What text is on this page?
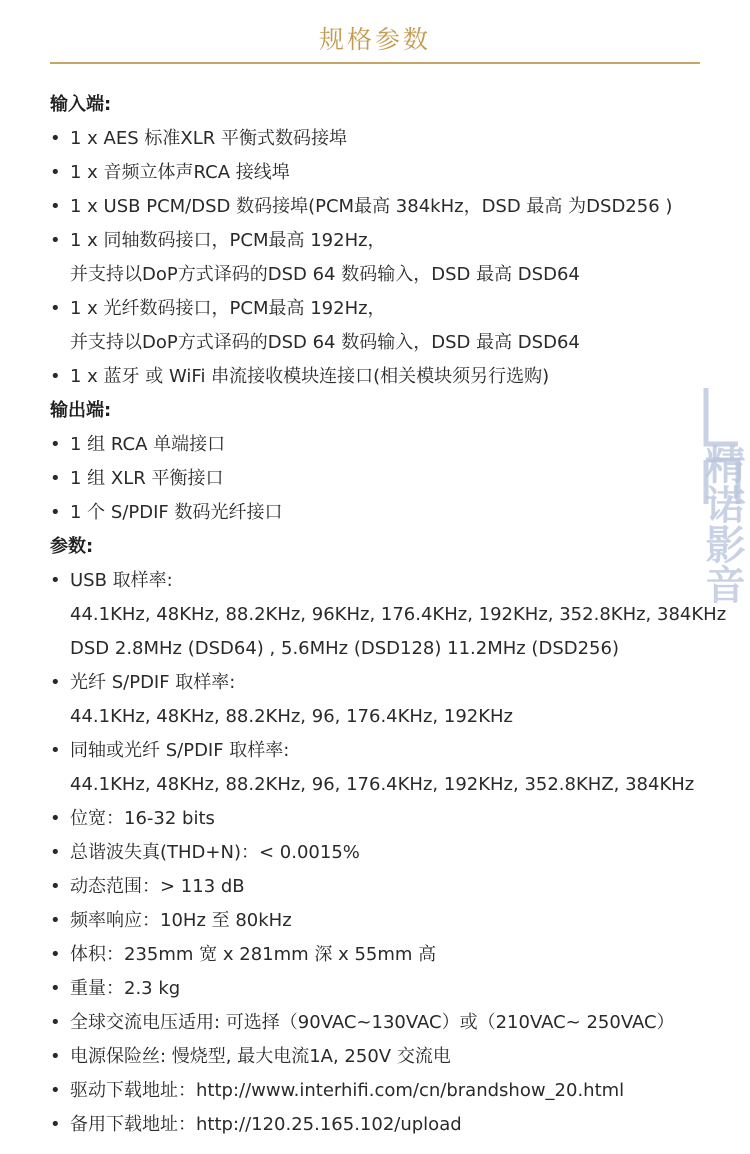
规格参数
输入端:
• 1 x AES 标准XLR 平衡式数码接埠
• 1 x 音频立体声RCA 接线埠
• 1 x USB PCM/DSD 数码接埠(PCM最高 384kHz，DSD 最高 为DSD256 )
• 1 x 同轴数码接口，PCM最高 192Hz，
并支持以DoP方式译码的DSD 64 数码输入，DSD 最高 DSD64
• 1 x 光纤数码接口，PCM最高 192Hz，
并支持以DoP方式译码的DSD 64 数码输入，DSD 最高 DSD64
• 1 x 蓝牙 或 WiFi 串流接收模块连接口(相关模块须另行选购)
输出端:
• 1 组 RCA 单端接口
• 1 组 XLR 平衡接口
• 1 个 S/PDIF 数码光纤接口
参数:
• USB 取样率:
44.1KHz, 48KHz, 88.2KHz, 96KHz, 176.4KHz, 192KHz, 352.8KHz, 384KHz
DSD 2.8MHz (DSD64) , 5.6MHz (DSD128) 11.2MHz (DSD256)
• 光纤 S/PDIF 取样率:
44.1KHz, 48KHz, 88.2KHz, 96, 176.4KHz, 192KHz
• 同轴或光纤 S/PDIF 取样率:
44.1KHz, 48KHz, 88.2KHz, 96, 176.4KHz, 192KHz, 352.8KHZ, 384KHz
• 位宽：16-32 bits
• 总谐波失真(THD+N)：< 0.0015%
• 动态范围：> 113 dB
• 频率响应：10Hz 至 80kHz
• 体积：235mm 宽 x 281mm 深 x 55mm 高
• 重量：2.3 kg
• 全球交流电压适用: 可选择（90VAC~130VAC）或（210VAC~ 250VAC）
• 电源保险丝: 慢烧型, 最大电流1A, 250V 交流电
• 驱动下载地址：http://www.interhifi.com/cn/brandshow_20.html
• 备用下载地址：http://120.25.165.102/upload
精诺影音
